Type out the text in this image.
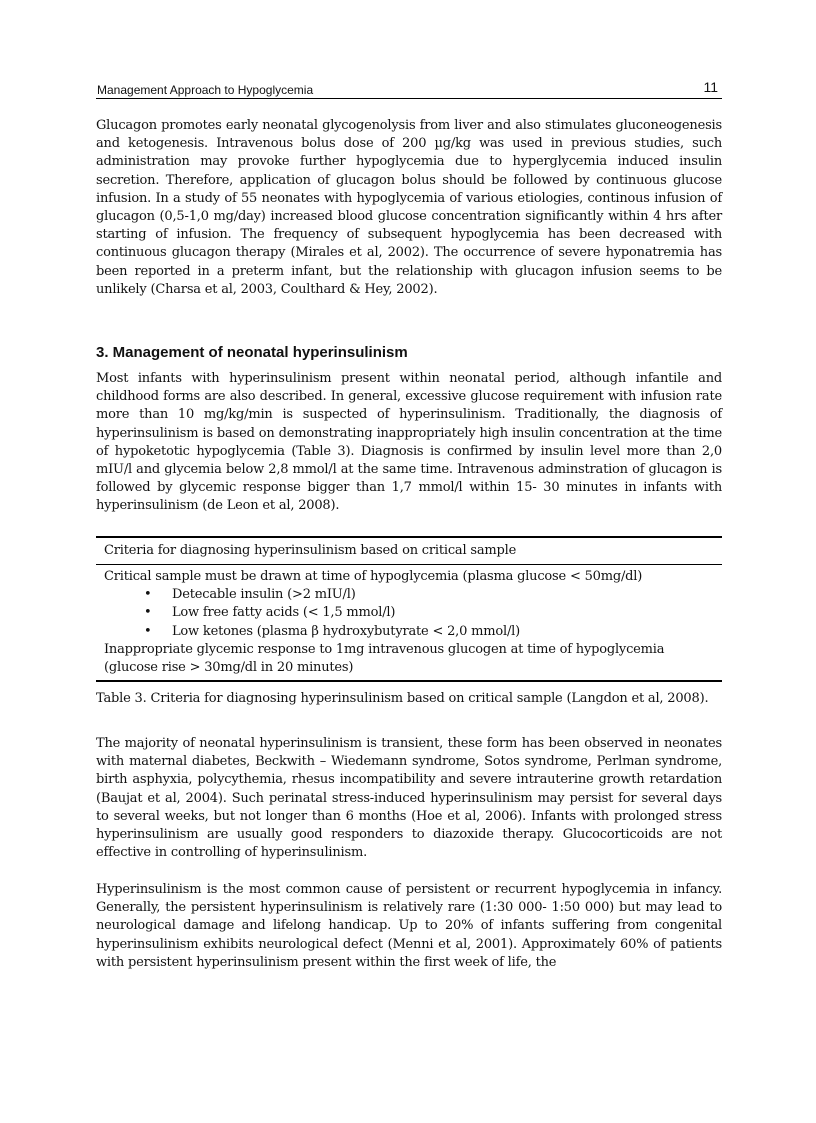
Management Approach to Hypoglycemia	11

Glucagon promotes early neonatal glycogenolysis from liver and also stimulates gluconeogenesis and ketogenesis. Intravenous bolus dose of 200 µg/kg was used in previous studies, such administration may provoke further hypoglycemia due to hyperglycemia induced insulin secretion. Therefore, application of glucagon bolus should be followed by continuous glucose infusion. In a study of 55 neonates with hypoglycemia of various etiologies, continous infusion of glucagon (0,5-1,0 mg/day) increased blood glucose concentration significantly within 4 hrs after starting of infusion. The frequency of subsequent hypoglycemia has been decreased with continuous glucagon therapy (Mirales et al, 2002). The occurrence of severe hyponatremia has been reported in a preterm infant, but the relationship with glucagon infusion seems to be unlikely (Charsa et al, 2003, Coulthard & Hey, 2002).

3. Management of neonatal hyperinsulinism

Most infants with hyperinsulinism present within neonatal period, although infantile and childhood forms are also described. In general, excessive glucose requirement with infusion rate more than 10 mg/kg/min is suspected of hyperinsulinism. Traditionally, the diagnosis of hyperinsulinism is based on demonstrating inappropriately high insulin concentration at the time of hypoketotic hypoglycemia (Table 3). Diagnosis is confirmed by insulin level more than 2,0 mIU/l and glycemia below 2,8 mmol/l at the same time. Intravenous adminstration of glucagon is followed by glycemic response bigger than 1,7 mmol/l within 15- 30 minutes in infants with hyperinsulinism (de Leon et al, 2008).

Criteria for diagnosing hyperinsulinism based on critical sample
Critical sample must be drawn at time of hypoglycemia (plasma glucose < 50mg/dl)
• Detecable insulin (>2 mIU/l)
• Low free fatty acids (< 1,5 mmol/l)
• Low ketones (plasma β hydroxybutyrate < 2,0 mmol/l)
Inappropriate glycemic response to 1mg intravenous glucogen at time of hypoglycemia
(glucose rise > 30mg/dl in 20 minutes)
Table 3. Criteria for diagnosing hyperinsulinism based on critical sample (Langdon et al, 2008).

The majority of neonatal hyperinsulinism is transient, these form has been observed in neonates with maternal diabetes, Beckwith – Wiedemann syndrome, Sotos syndrome, Perlman syndrome, birth asphyxia, polycythemia, rhesus incompatibility and severe intrauterine growth retardation (Baujat et al, 2004). Such perinatal stress-induced hyperinsulinism may persist for several days to several weeks, but not longer than 6 months (Hoe et al, 2006). Infants with prolonged stress hyperinsulinism are usually good responders to diazoxide therapy. Glucocorticoids are not effective in controlling of hyperinsulinism.

Hyperinsulinism is the most common cause of persistent or recurrent hypoglycemia in infancy. Generally, the persistent hyperinsulinism is relatively rare (1:30 000- 1:50 000) but may lead to neurological damage and lifelong handicap. Up to 20% of infants suffering from congenital hyperinsulinism exhibits neurological defect (Menni et al, 2001). Approximately 60% of patients with persistent hyperinsulinism present within the first week of life, the
